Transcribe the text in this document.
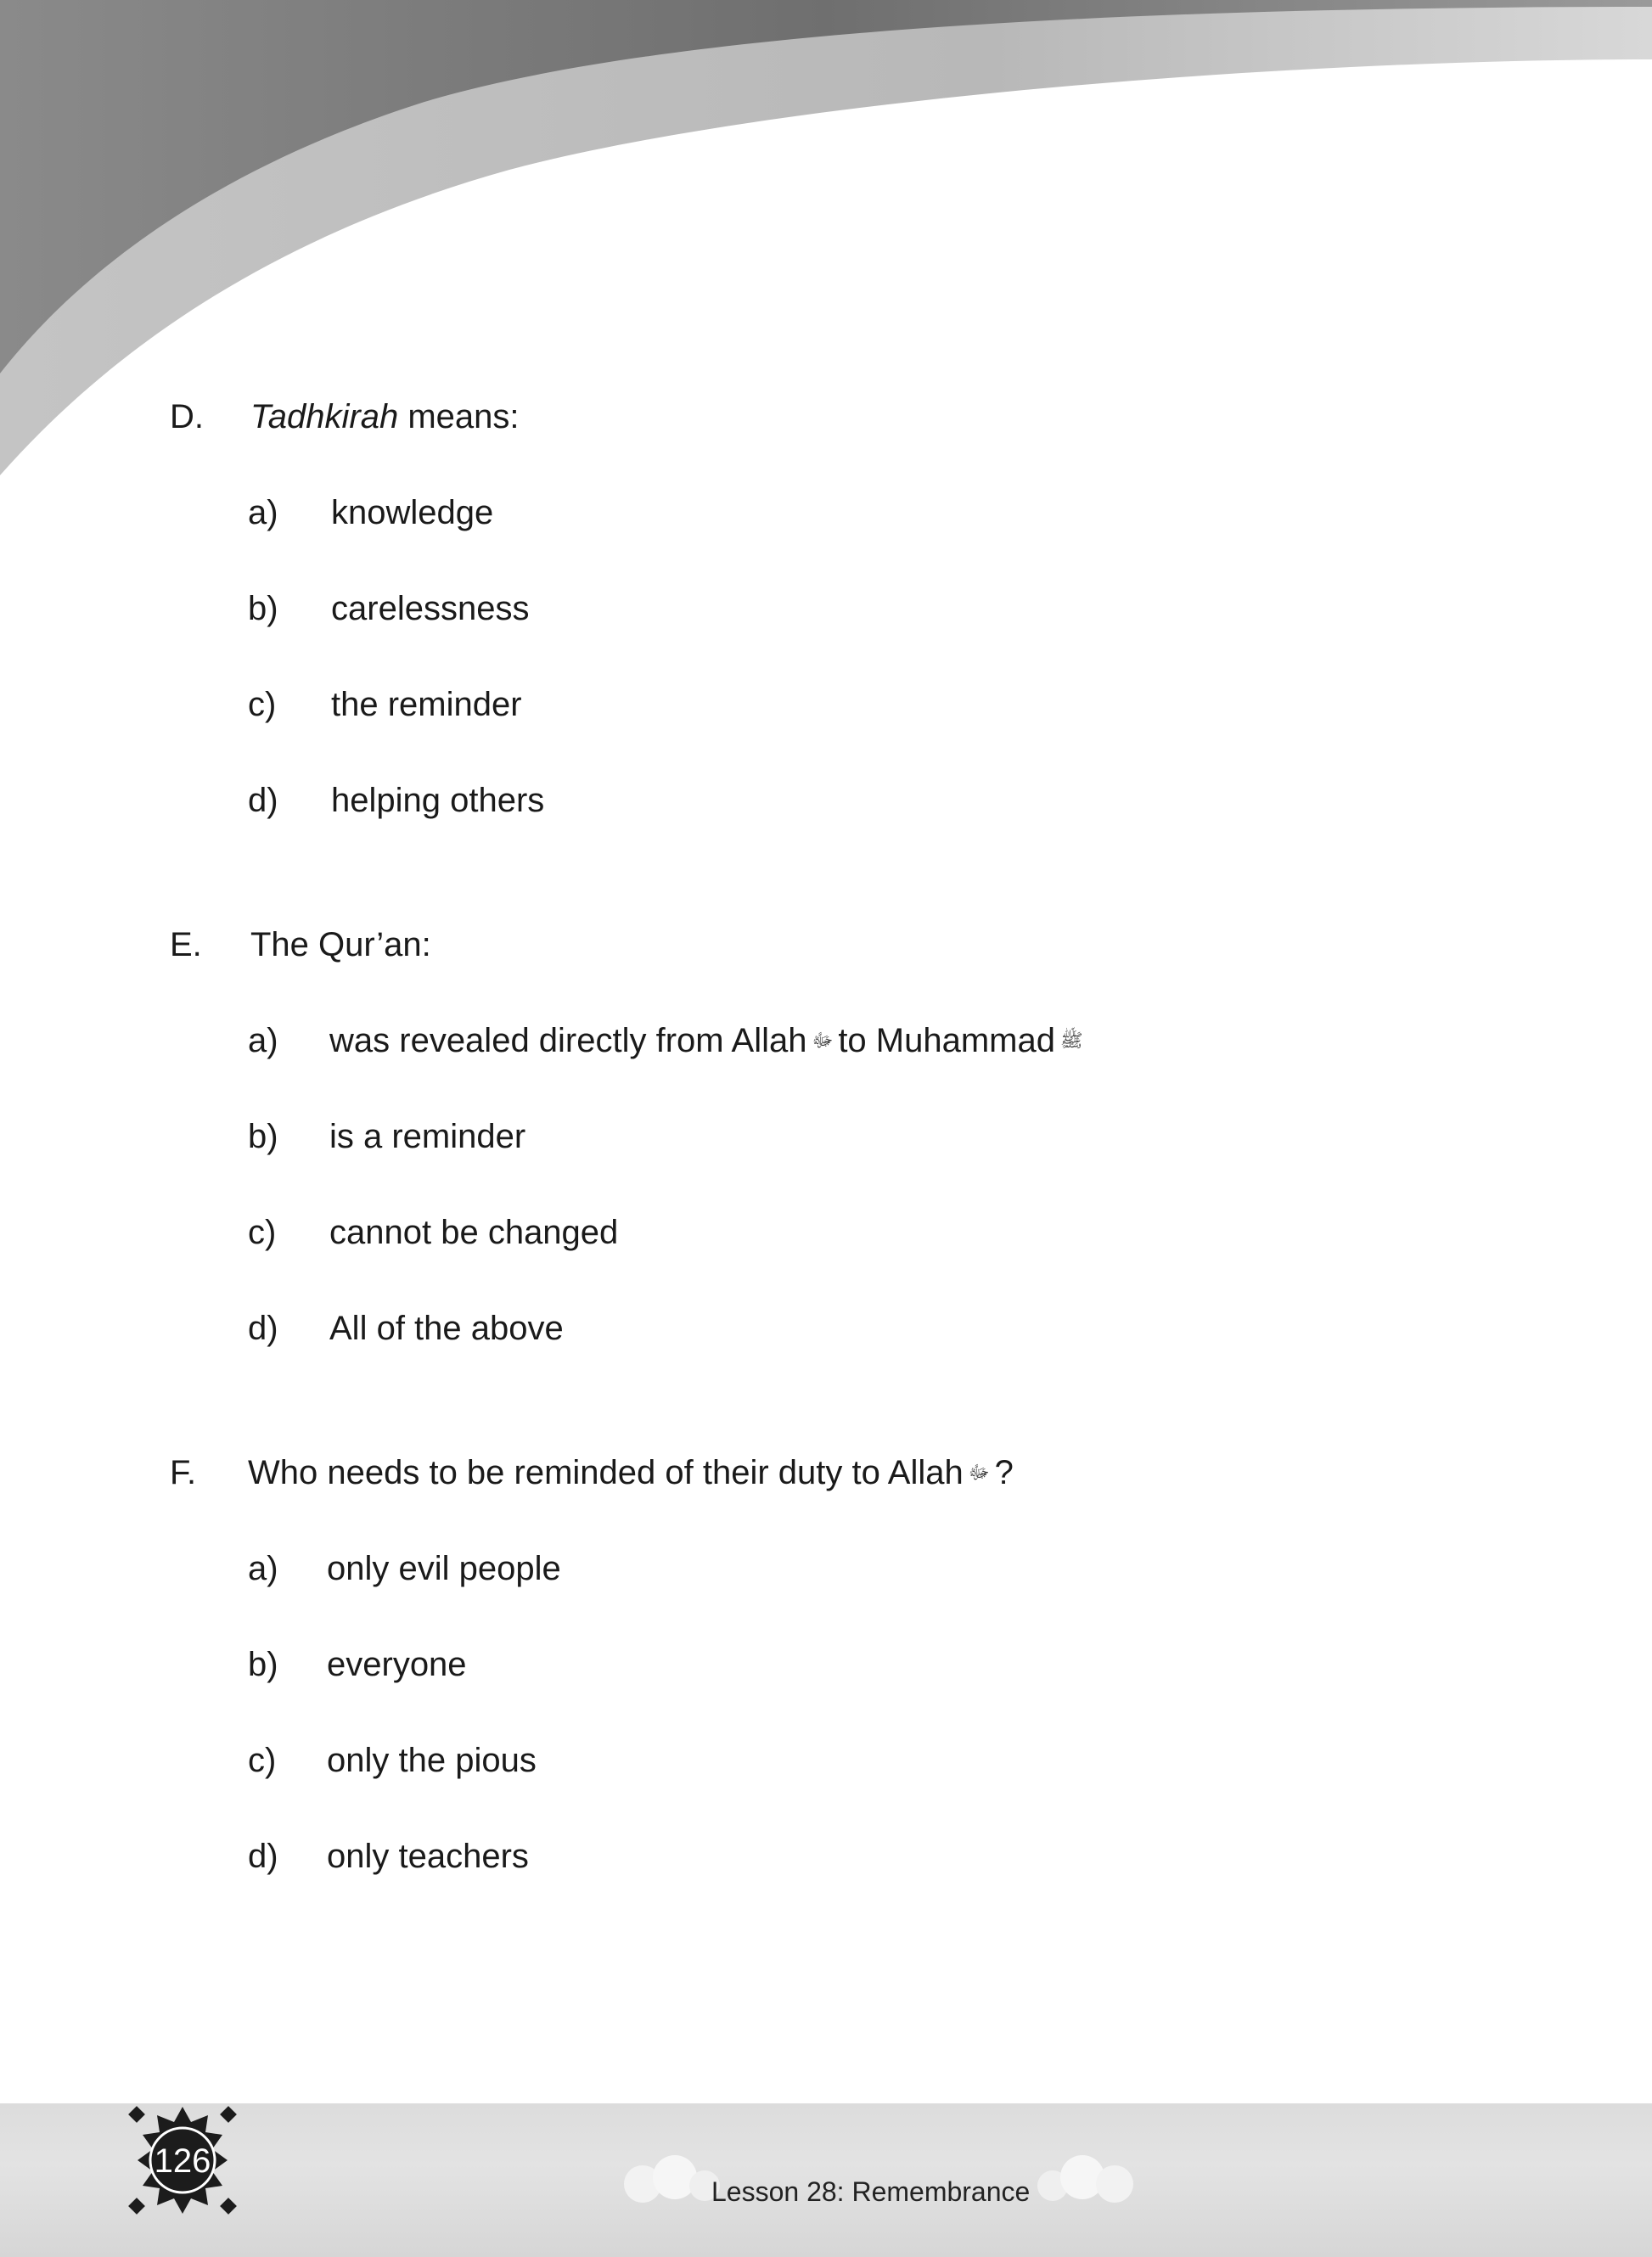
D. Tadhkirah means:
a) knowledge
b) carelessness
c) the reminder
d) helping others
E. The Qur’an:
a) was revealed directly from Allah ﷻ to Muhammad ﷺ
b) is a reminder
c) cannot be changed
d) All of the above
F. Who needs to be reminded of their duty to Allah ﷻ ?
a) only evil people
b) everyone
c) only the pious
d) only teachers
126
Lesson 28: Remembrance
